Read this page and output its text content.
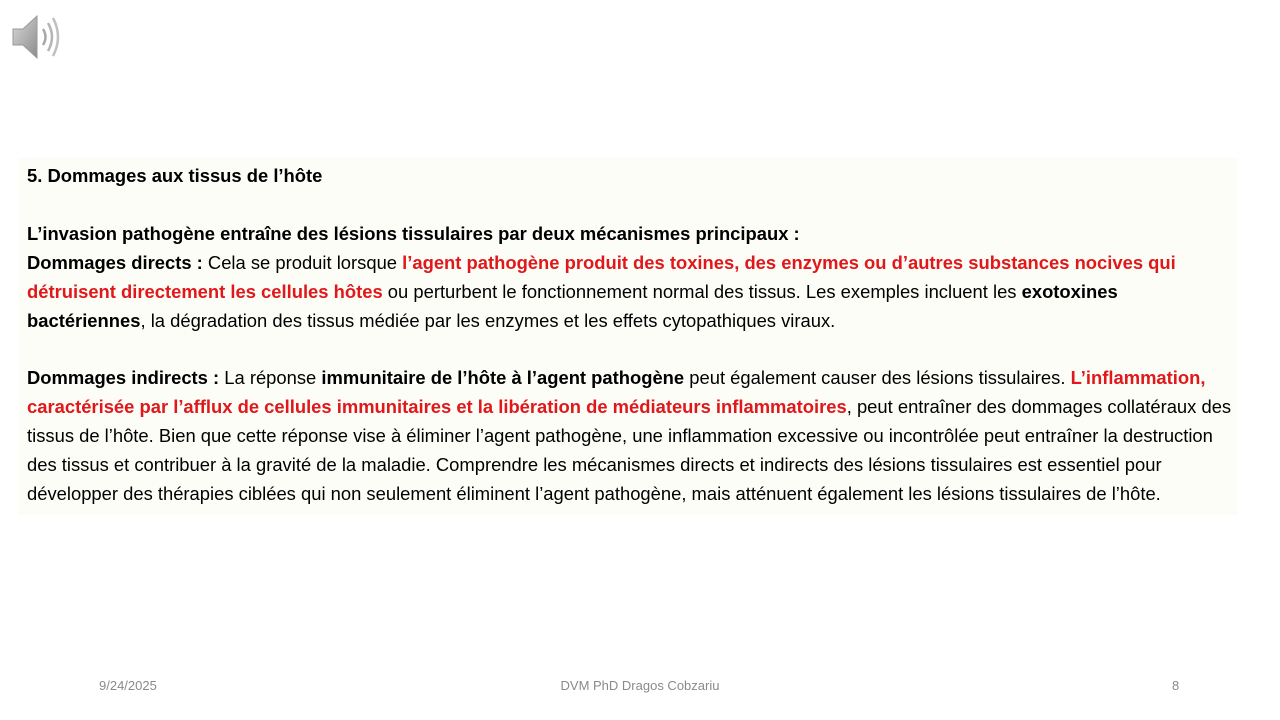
5. Dommages aux tissus de l’hôte

L’invasion pathogène entraîne des lésions tissulaires par deux mécanismes principaux :

Dommages directs : Cela se produit lorsque l’agent pathogène produit des toxines, des enzymes ou d’autres substances nocives qui détruisent directement les cellules hôtes ou perturbent le fonctionnement normal des tissus. Les exemples incluent les exotoxines bactériennes, la dégradation des tissus médiée par les enzymes et les effets cytopathiques viraux.

Dommages indirects : La réponse immunitaire de l’hôte à l’agent pathogène peut également causer des lésions tissulaires. L’inflammation, caractérisée par l’afflux de cellules immunitaires et la libération de médiateurs inflammatoires, peut entraîner des dommages collatéraux des tissus de l’hôte. Bien que cette réponse vise à éliminer l’agent pathogène, une inflammation excessive ou incontrôlée peut entraîner la destruction des tissus et contribuer à la gravité de la maladie. Comprendre les mécanismes directs et indirects des lésions tissulaires est essentiel pour développer des thérapies ciblées qui non seulement éliminent l’agent pathogène, mais atténuent également les lésions tissulaires de l’hôte.

9/24/2025	DVM PhD Dragos Cobzariu	8
